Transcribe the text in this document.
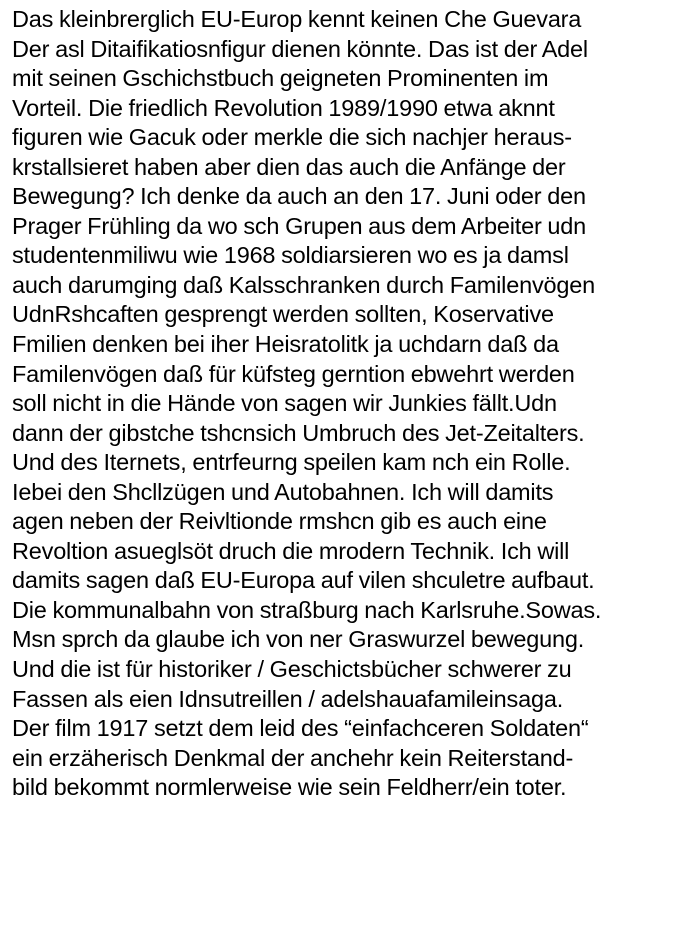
Das kleinbrerglich EU-Europ kennt keinen Che Guevara
Der asl Ditaifikatiosnfigur dienen könnte. Das ist der Adel
mit seinen Gschichstbuch geigneten Prominenten im
Vorteil. Die friedlich Revolution 1989/1990 etwa aknnt
figuren wie Gacuk oder merkle die sich nachjer heraus-
krstallsieret haben aber dien das auch die Anfänge der
Bewegung? Ich denke da auch an den 17. Juni oder den
Prager Frühling da wo sch Grupen aus dem Arbeiter udn
studentenmiliwu wie 1968 soldiarsieren wo es ja damsl
auch darumging daß Kalsschranken durch Familenvögen
UdnRshcaften gesprengt werden sollten, Koservative
Fmilien denken bei iher Heisratolitk ja uchdarn daß da
Familenvögen daß für küfsteg gerntion ebwehrt werden
soll nicht in die Hände von sagen wir Junkies fällt.Udn
dann der gibstche tshcnsich Umbruch des Jet-Zeitalters.
Und des Iternets, entrfeurng speilen kam nch ein Rolle.
Iebei den Shcllzügen und Autobahnen. Ich will damits
agen neben der Reivltionde rmshcn gib es auch eine
Revoltion asueglsöt druch die mrodern Technik. Ich will
damits sagen daß EU-Europa auf vilen shculetre aufbaut.
Die kommunalbahn von straßburg nach Karlsruhe.Sowas.
Msn sprch da glaube ich von ner Graswurzel bewegung.
Und die ist für historiker / Geschictsbücher schwerer zu
Fassen als eien Idnsutreillen / adelshauafamileinsaga.
Der film 1917 setzt dem leid des “einfachceren Soldaten“
ein erzäherisch Denkmal der anchehr kein Reiterstand-
bild bekommt normlerweise wie sein Feldherr/ein toter.
